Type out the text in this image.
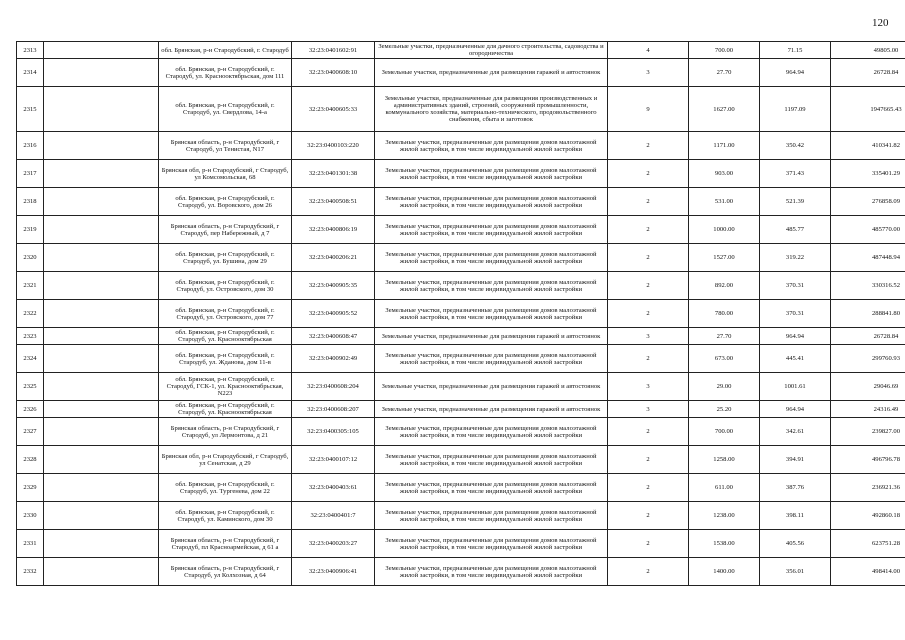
120
2313		обл. Брянская, р-н Стародубский, г. Стародуб	32:23:0401602:91	Земельные участки, предназначенные для дачного строительства, садоводства и огородничества	4	700.00	71.15	49805.00
2314		обл. Брянская, р-н Стародубский, г. Стародуб, ул. Краснооктябрьская, дом 111	32:23:0400608:10	Земельные участки, предназначенные для размещения гаражей и автостоянок	3	27.70	964.94	26728.84
2315		обл. Брянская, р-н Стародубский, г. Стародуб, ул. Свердлова, 14-а	32:23:0400605:33	Земельные участки, предназначенные для размещения производственных и административных зданий, строений, сооружений промышленности, коммунального хозяйства, материально-технического, продовольственного снабжения, сбыта и заготовок	9	1627.00	1197.09	1947665.43
2316		Брянская область, р-н Стародубский, г Стародуб, ул Тенистая, N17	32:23:0400103:220	Земельные участки, предназначенные для размещения домов малоэтажной жилой застройки, в том числе индивидуальной жилой застройки	2	1171.00	350.42	410341.82
2317		Брянская обл, р-н Стародубский, г Стародуб, ул Комсомольская, 68	32:23:0401301:38	Земельные участки, предназначенные для размещения домов малоэтажной жилой застройки, в том числе индивидуальной жилой застройки	2	903.00	371.43	335401.29
2318		обл. Брянская, р-н Стародубский, г. Стародуб, ул. Воровского, дом 26	32:23:0400508:51	Земельные участки, предназначенные для размещения домов малоэтажной жилой застройки, в том числе индивидуальной жилой застройки	2	531.00	521.39	276858.09
2319		Брянская область, р-н Стародубский, г Стародуб, пер Набережный, д 7	32:23:0400806:19	Земельные участки, предназначенные для размещения домов малоэтажной жилой застройки, в том числе индивидуальной жилой застройки	2	1000.00	485.77	485770.00
2320		обл. Брянская, р-н Стародубский, г. Стародуб, ул. Бушина, дом 29	32:23:0400206:21	Земельные участки, предназначенные для размещения домов малоэтажной жилой застройки, в том числе индивидуальной жилой застройки	2	1527.00	319.22	487448.94
2321		обл. Брянская, р-н Стародубский, г. Стародуб, ул. Островского, дом 30	32:23:0400905:35	Земельные участки, предназначенные для размещения домов малоэтажной жилой застройки, в том числе индивидуальной жилой застройки	2	892.00	370.31	330316.52
2322		обл. Брянская, р-н Стародубский, г. Стародуб, ул. Островского, дом 77	32:23:0400905:52	Земельные участки, предназначенные для размещения домов малоэтажной жилой застройки, в том числе индивидуальной жилой застройки	2	780.00	370.31	288841.80
2323		обл. Брянская, р-н Стародубский, г. Стародуб, ул. Краснооктябрьская	32:23:0400608:47	Земельные участки, предназначенные для размещения гаражей и автостоянок	3	27.70	964.94	26728.84
2324		обл. Брянская, р-н Стародубский, г. Стародуб, ул. Жданова, дом 11-в	32:23:0400902:49	Земельные участки, предназначенные для размещения домов малоэтажной жилой застройки, в том числе индивидуальной жилой застройки	2	673.00	445.41	299760.93
2325		обл. Брянская, р-н Стародубский, г. Стародуб, ГСК-1, ул. Краснооктябрьская, N223	32:23:0400608:204	Земельные участки, предназначенные для размещения гаражей и автостоянок	3	29.00	1001.61	29046.69
2326		обл. Брянская, р-н Стародубский, г. Стародуб, ул. Краснооктябрьская	32:23:0400608:207	Земельные участки, предназначенные для размещения гаражей и автостоянок	3	25.20	964.94	24316.49
2327		Брянская область, р-н Стародубский, г Стародуб, ул Лермонтова, д 21	32:23:0400305:105	Земельные участки, предназначенные для размещения домов малоэтажной жилой застройки, в том числе индивидуальной жилой застройки	2	700.00	342.61	239827.00
2328		Брянская обл, р-н Стародубский, г Стародуб, ул Сенатская, д 29	32:23:0400107:12	Земельные участки, предназначенные для размещения домов малоэтажной жилой застройки, в том числе индивидуальной жилой застройки	2	1258.00	394.91	496796.78
2329		обл. Брянская, р-н Стародубский, г. Стародуб, ул. Тургенева, дом 22	32:23:0400403:61	Земельные участки, предназначенные для размещения домов малоэтажной жилой застройки, в том числе индивидуальной жилой застройки	2	611.00	387.76	236921.36
2330		обл. Брянская, р-н Стародубский, г. Стародуб, ул. Каминского, дом 30	32:23:0400401:7	Земельные участки, предназначенные для размещения домов малоэтажной жилой застройки, в том числе индивидуальной жилой застройки	2	1238.00	398.11	492860.18
2331		Брянская область, р-н Стародубский, г Стародуб, пл Красноармейская, д 61 а	32:23:0400203:27	Земельные участки, предназначенные для размещения домов малоэтажной жилой застройки, в том числе индивидуальной жилой застройки	2	1538.00	405.56	623751.28
2332		Брянская область, р-н Стародубский, г Стародуб, ул Колхозная, д 64	32:23:0400906:41	Земельные участки, предназначенные для размещения домов малоэтажной жилой застройки, в том числе индивидуальной жилой застройки	2	1400.00	356.01	498414.00
